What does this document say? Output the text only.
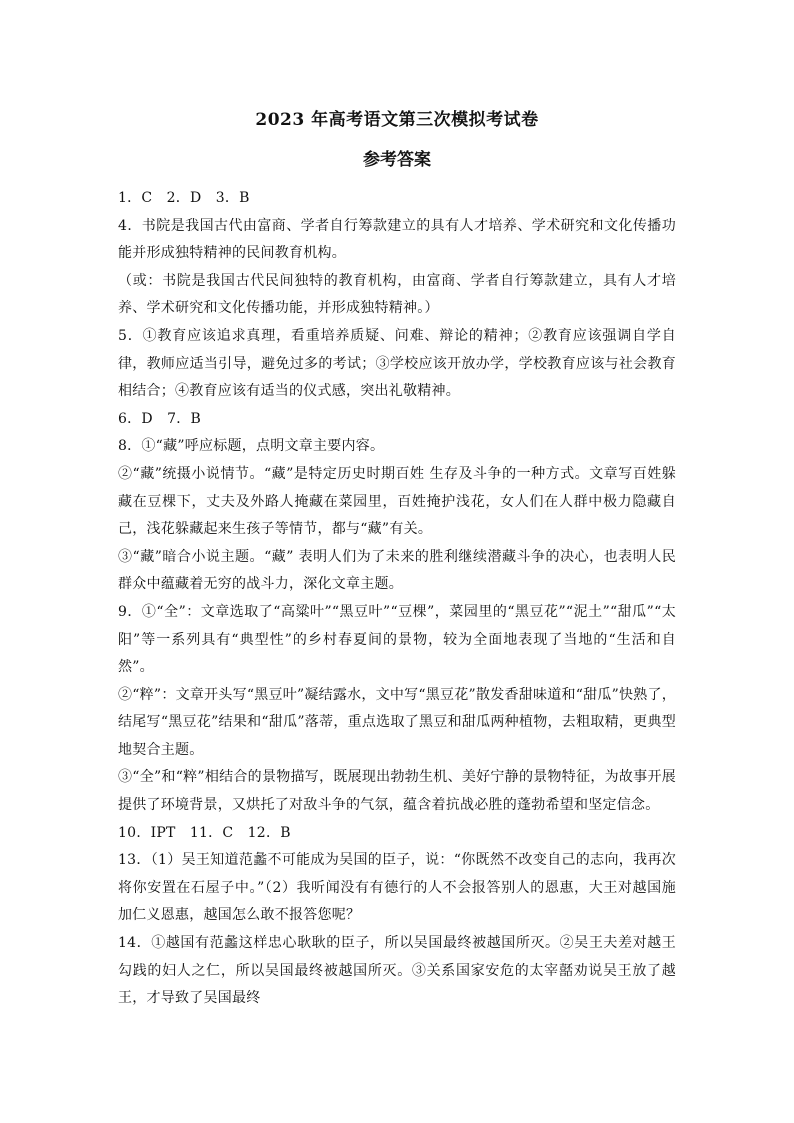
2023 年高考语文第三次模拟考试卷
参考答案

1．C　2．D　3．B

4．书院是我国古代由富商、学者自行筹款建立的具有人才培养、学术研究和文化传播功能并形成独特精神的民间教育机构。

（或：书院是我国古代民间独特的教育机构，由富商、学者自行筹款建立，具有人才培养、学术研究和文化传播功能，并形成独特精神。）

5．①教育应该追求真理，看重培养质疑、问难、辩论的精神；②教育应该强调自学自律，教师应适当引导，避免过多的考试；③学校应该开放办学，学校教育应该与社会教育相结合；④教育应该有适当的仪式感，突出礼敬精神。

6．D　7．B

8．①“藏”呼应标题，点明文章主要内容。

②“藏”统摄小说情节。“藏”是特定历史时期百姓 生存及斗争的一种方式。文章写百姓躲藏在豆棵下，丈夫及外路人掩藏在菜园里，百姓掩护浅花，女人们在人群中极力隐藏自己，浅花躲藏起来生孩子等情节，都与“藏”有关。

③“藏”暗合小说主题。“藏” 表明人们为了未来的胜利继续潜藏斗争的决心，也表明人民群众中蕴藏着无穷的战斗力，深化文章主题。

9．①“全”：文章选取了“高粱叶”“黑豆叶”“豆棵”，菜园里的“黑豆花”“泥土”“甜瓜”“太阳”等一系列具有“典型性”的乡村春夏间的景物，较为全面地表现了当地的“生活和自然”。

②“粹”：文章开头写“黑豆叶”凝结露水，文中写“黑豆花”散发香甜味道和“甜瓜”快熟了，结尾写“黑豆花”结果和“甜瓜”落蒂，重点选取了黑豆和甜瓜两种植物，去粗取精，更典型地契合主题。

③“全”和“粹”相结合的景物描写，既展现出勃勃生机、美好宁静的景物特征，为故事开展提供了环境背景，又烘托了对敌斗争的气氛，蕴含着抗战必胜的蓬勃希望和坚定信念。

10．IPT　11．C　12．B

13．（1）吴王知道范蠡不可能成为吴国的臣子，说：“你既然不改变自己的志向，我再次将你安置在石屋子中。”（2）我听闻没有有德行的人不会报答别人的恩惠，大王对越国施加仁义恩惠，越国怎么敢不报答您呢？

14．①越国有范蠡这样忠心耿耿的臣子，所以吴国最终被越国所灭。②吴王夫差对越王勾践的妇人之仁，所以吴国最终被越国所灭。③关系国家安危的太宰嚭劝说吴王放了越王，才导致了吴国最终
